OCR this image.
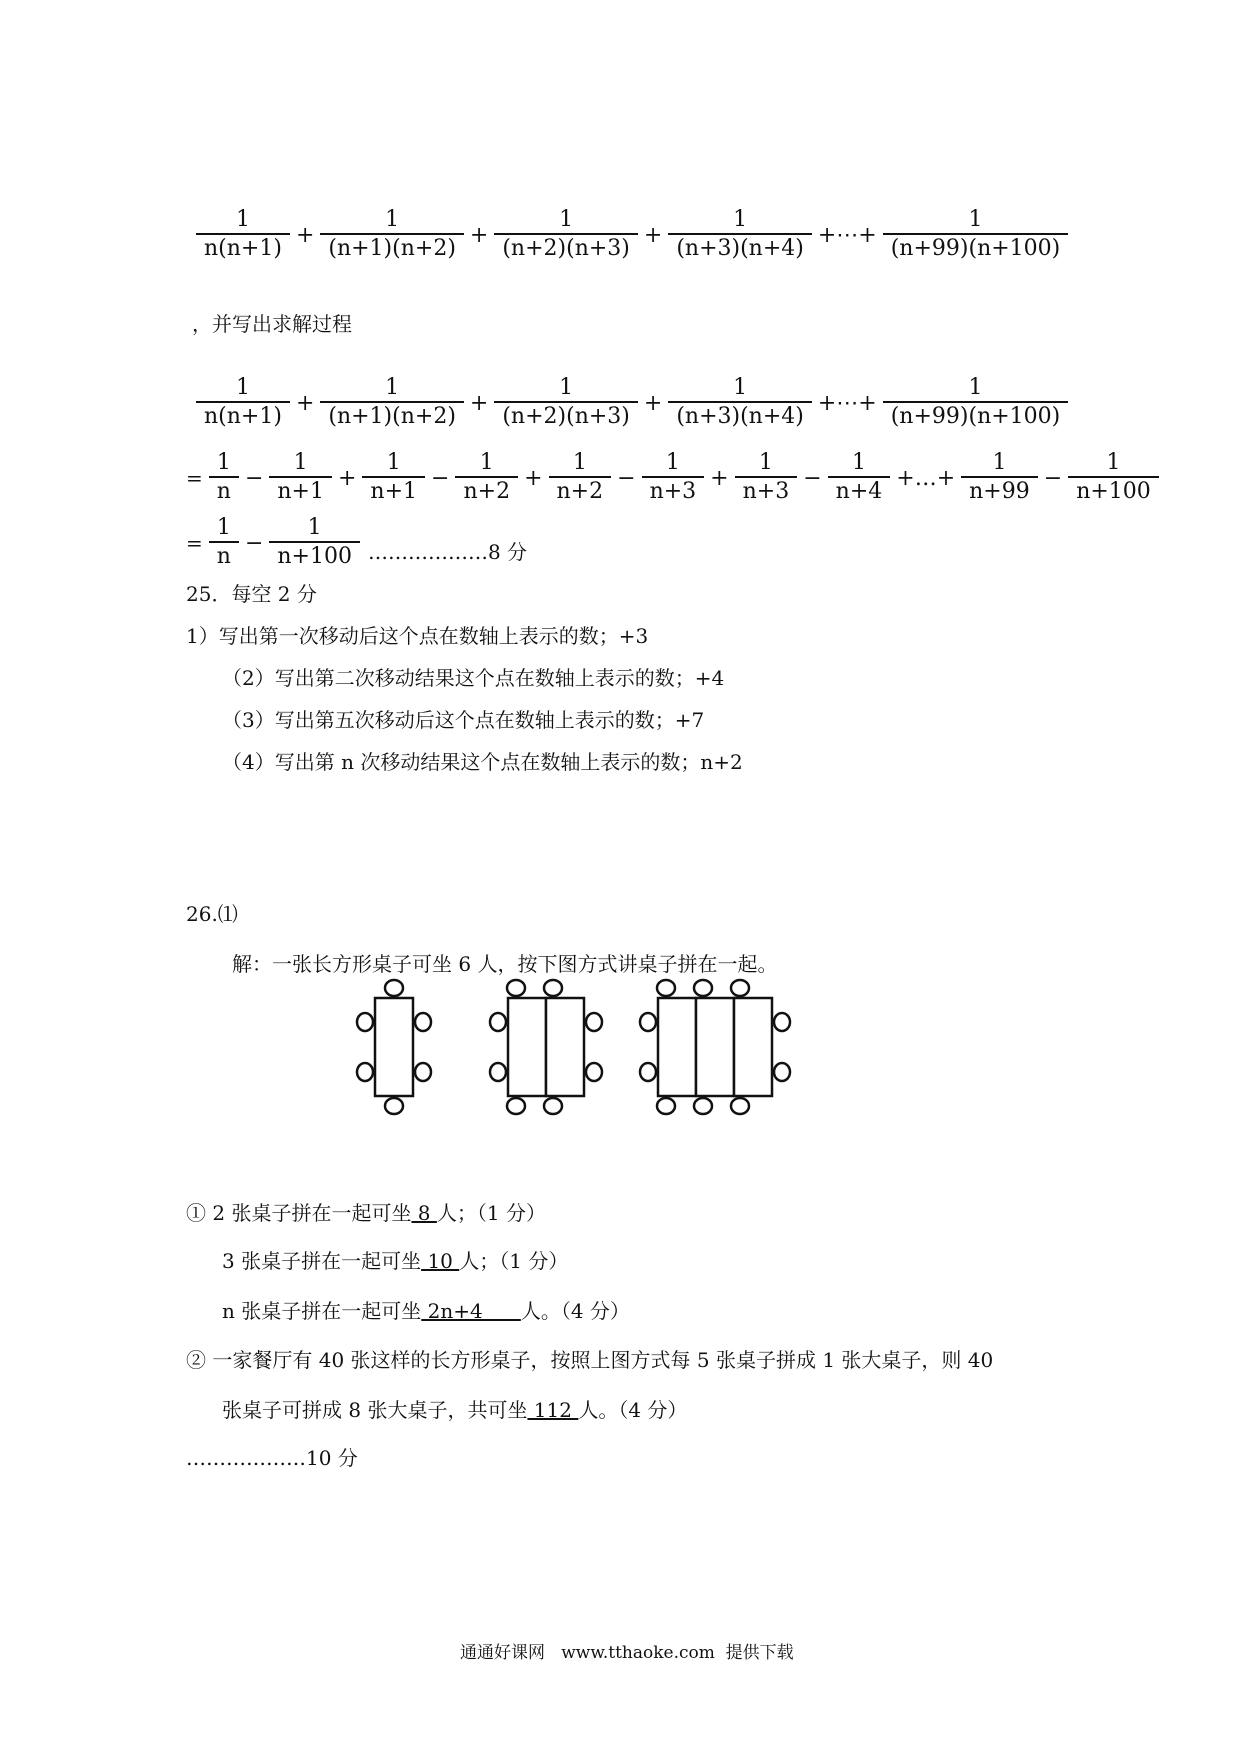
$\frac{1}{n(n+1)} + \frac{1}{(n+1)(n+2)} + \frac{1}{(n+2)(n+3)} + \frac{1}{(n+3)(n+4)}$ +⋯+ $\frac{1}{(n+99)(n+100)}$
，并写出求解过程
$\frac{1}{n(n+1)} + \frac{1}{(n+1)(n+2)} + \frac{1}{(n+2)(n+3)} + \frac{1}{(n+3)(n+4)}$ +⋯+ $\frac{1}{(n+99)(n+100)}$
= $\frac{1}{n} - \frac{1}{n+1} + \frac{1}{n+1} - \frac{1}{n+2} + \frac{1}{n+2} - \frac{1}{n+3} + \frac{1}{n+3} - \frac{1}{n+4}$ +…+ $\frac{1}{n+99} - \frac{1}{n+100}$
= $\frac{1}{n} - \frac{1}{n+100}$ ………………8 分
25．每空 2 分
1）写出第一次移动后这个点在数轴上表示的数；+3
（2）写出第二次移动结果这个点在数轴上表示的数；+4
（3）写出第五次移动后这个点在数轴上表示的数；+7
（4）写出第 n 次移动结果这个点在数轴上表示的数；n+2
26.⑴
解：一张长方形桌子可坐 6 人，按下图方式讲桌子拼在一起。
① 2 张桌子拼在一起可坐 8 人；（1 分）
3 张桌子拼在一起可坐 10 人；（1 分）
n 张桌子拼在一起可坐 2n+4      人。（4 分）
② 一家餐厅有 40 张这样的长方形桌子，按照上图方式每 5 张桌子拼成 1 张大桌子，则 40
张桌子可拼成 8 张大桌子，共可坐 112 人。（4 分）
………………10 分
通通好课网   www.tthaoke.com  提供下载
